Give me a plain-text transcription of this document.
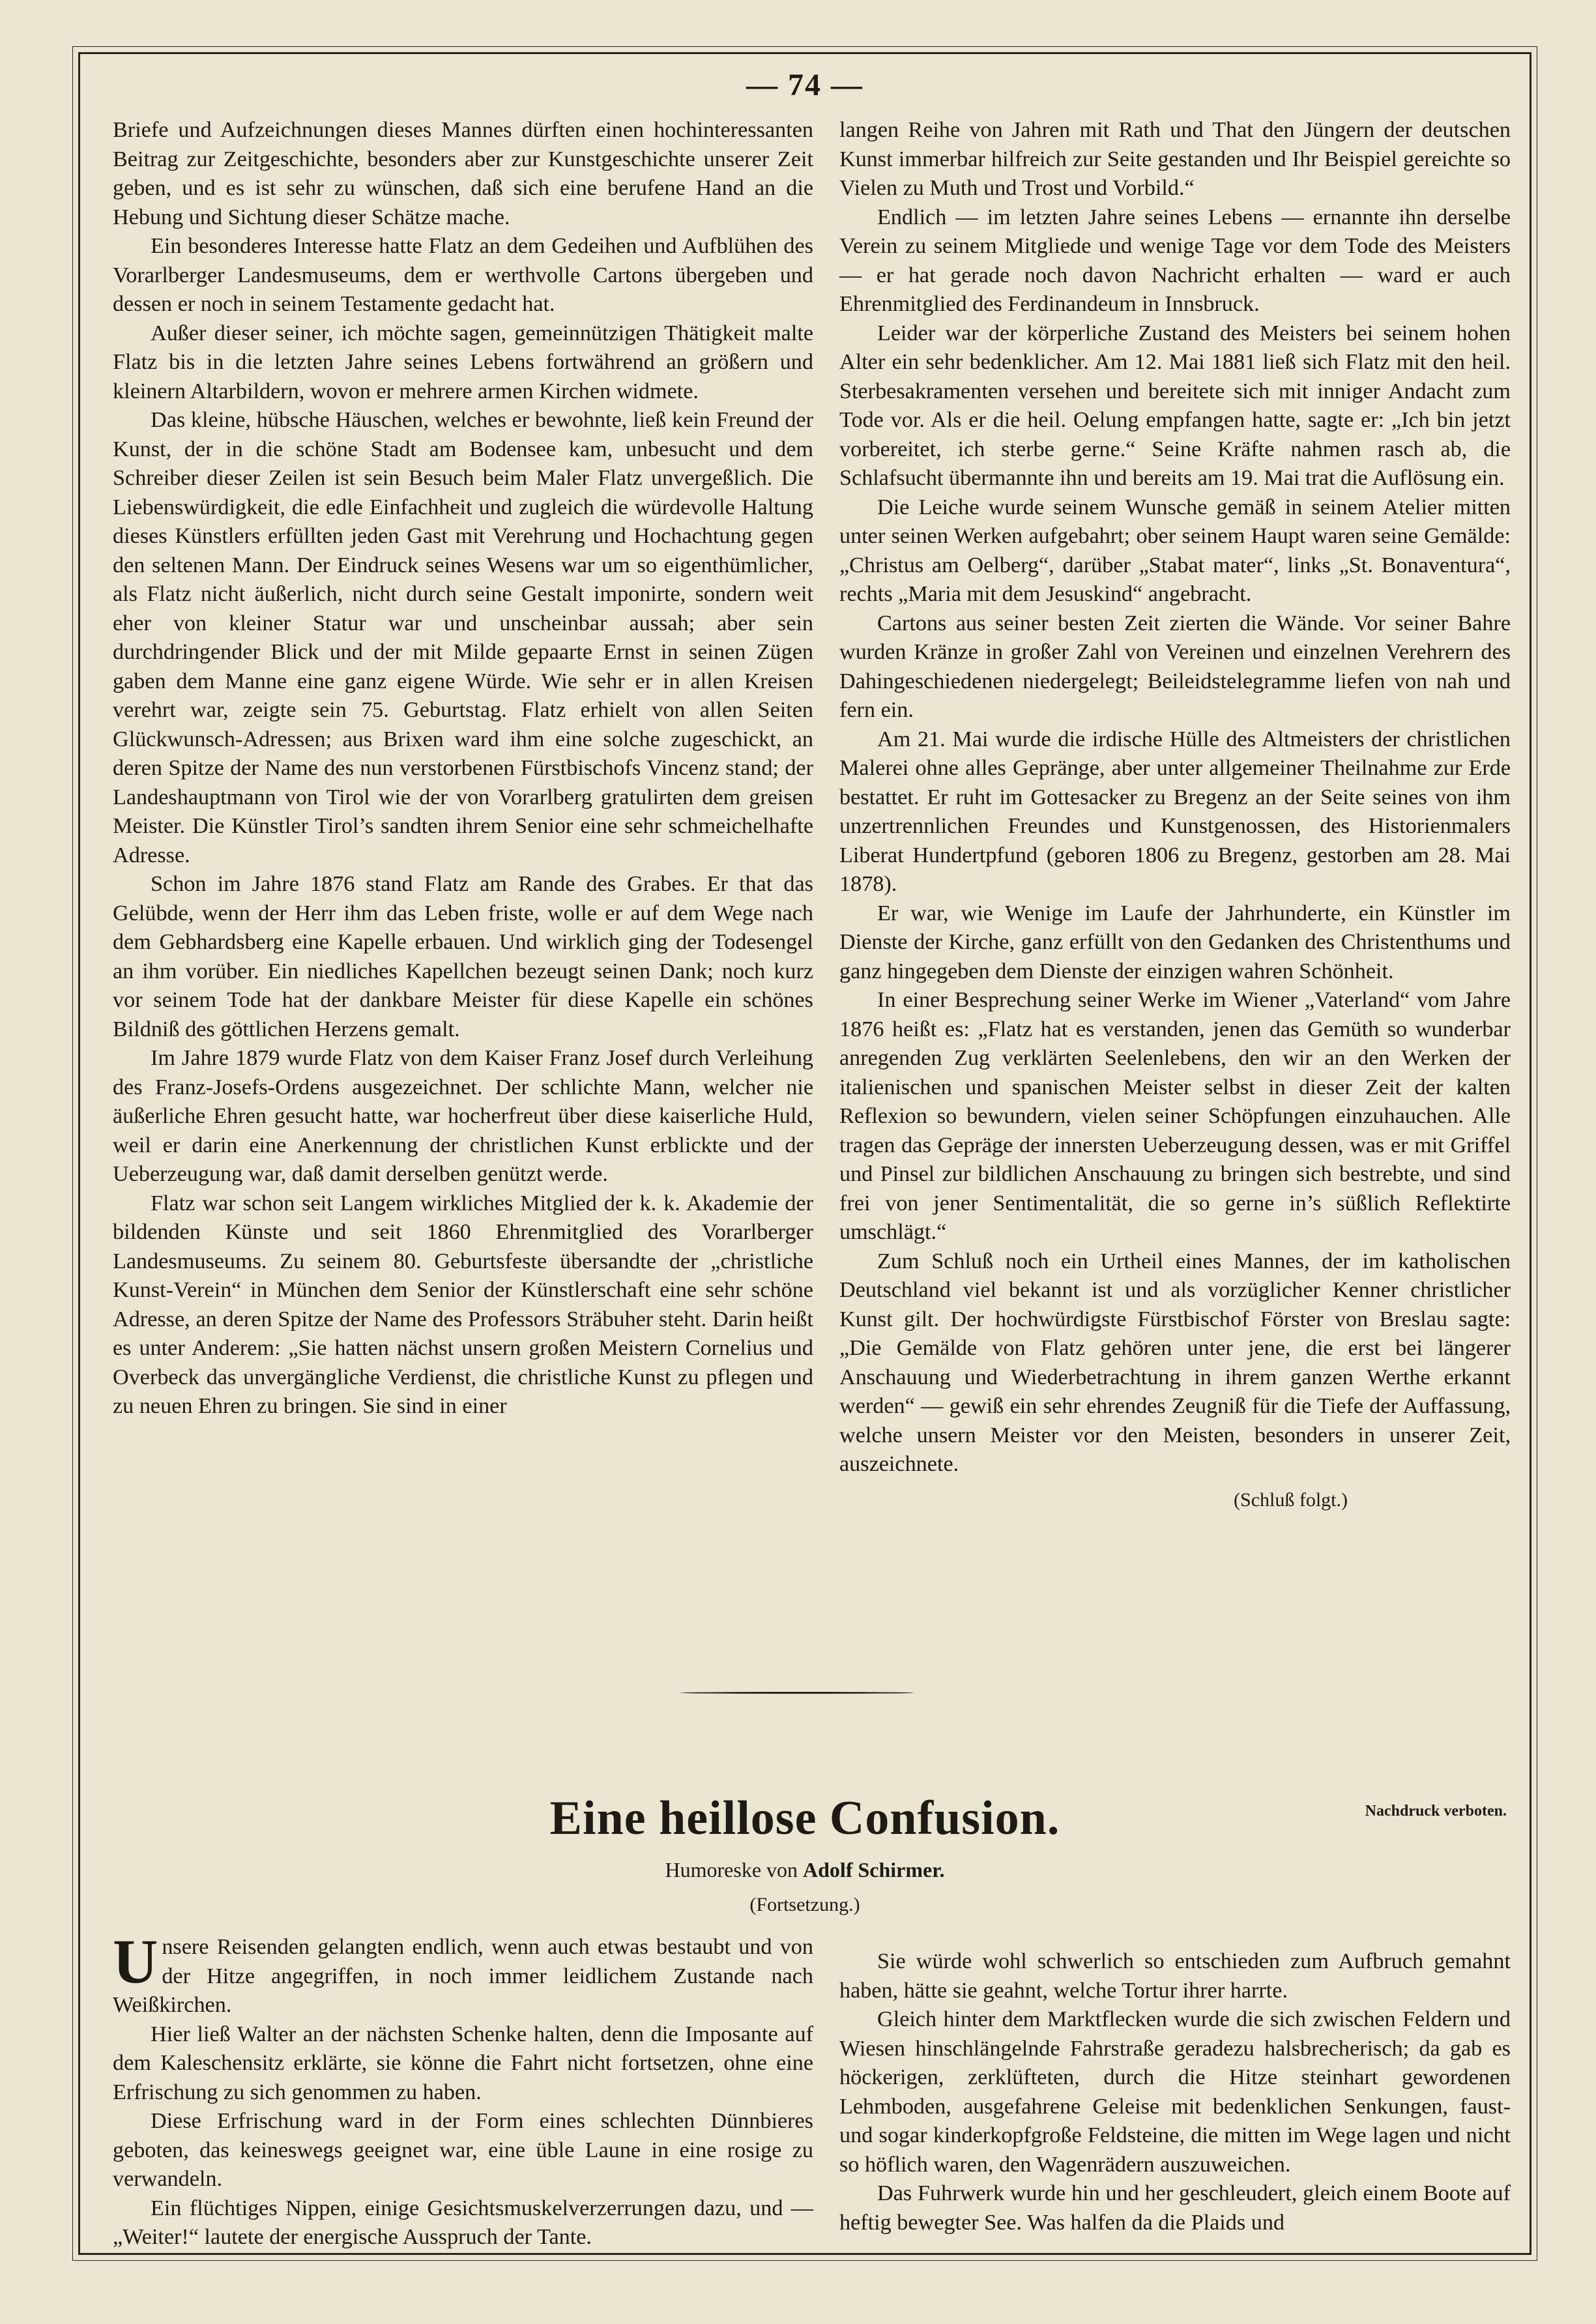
— 74 —

Briefe und Aufzeichnungen dieses Mannes dürften einen hochinteressanten Beitrag zur Zeitgeschichte, besonders aber zur Kunstgeschichte unserer Zeit geben, und es ist sehr zu wünschen, daß sich eine berufene Hand an die Hebung und Sichtung dieser Schätze mache.

Ein besonderes Interesse hatte Flatz an dem Gedeihen und Aufblühen des Vorarlberger Landesmuseums, dem er werthvolle Cartons übergeben und dessen er noch in seinem Testamente gedacht hat.

Außer dieser seiner, ich möchte sagen, gemeinnützigen Thätigkeit malte Flatz bis in die letzten Jahre seines Lebens fortwährend an größern und kleinern Altarbildern, wovon er mehrere armen Kirchen widmete.

Das kleine, hübsche Häuschen, welches er bewohnte, ließ kein Freund der Kunst, der in die schöne Stadt am Bodensee kam, unbesucht und dem Schreiber dieser Zeilen ist sein Besuch beim Maler Flatz unvergeßlich. Die Liebenswürdigkeit, die edle Einfachheit und zugleich die würdevolle Haltung dieses Künstlers erfüllten jeden Gast mit Verehrung und Hochachtung gegen den seltenen Mann. Der Eindruck seines Wesens war um so eigenthümlicher, als Flatz nicht äußerlich, nicht durch seine Gestalt imponirte, sondern weit eher von kleiner Statur war und unscheinbar aussah; aber sein durchdringender Blick und der mit Milde gepaarte Ernst in seinen Zügen gaben dem Manne eine ganz eigene Würde. Wie sehr er in allen Kreisen verehrt war, zeigte sein 75. Geburtstag. Flatz erhielt von allen Seiten Glückwunsch-Adressen; aus Brixen ward ihm eine solche zugeschickt, an deren Spitze der Name des nun verstorbenen Fürstbischofs Vincenz stand; der Landeshauptmann von Tirol wie der von Vorarlberg gratulirten dem greisen Meister. Die Künstler Tirol’s sandten ihrem Senior eine sehr schmeichelhafte Adresse.

Schon im Jahre 1876 stand Flatz am Rande des Grabes. Er that das Gelübde, wenn der Herr ihm das Leben friste, wolle er auf dem Wege nach dem Gebhardsberg eine Kapelle erbauen. Und wirklich ging der Todesengel an ihm vorüber. Ein niedliches Kapellchen bezeugt seinen Dank; noch kurz vor seinem Tode hat der dankbare Meister für diese Kapelle ein schönes Bildniß des göttlichen Herzens gemalt.

Im Jahre 1879 wurde Flatz von dem Kaiser Franz Josef durch Verleihung des Franz-Josefs-Ordens ausgezeichnet. Der schlichte Mann, welcher nie äußerliche Ehren gesucht hatte, war hocherfreut über diese kaiserliche Huld, weil er darin eine Anerkennung der christlichen Kunst erblickte und der Ueberzeugung war, daß damit derselben genützt werde.

Flatz war schon seit Langem wirkliches Mitglied der k. k. Akademie der bildenden Künste und seit 1860 Ehrenmitglied des Vorarlberger Landesmuseums. Zu seinem 80. Geburtsfeste übersandte der „christliche Kunst-Verein“ in München dem Senior der Künstlerschaft eine sehr schöne Adresse, an deren Spitze der Name des Professors Sträbuher steht. Darin heißt es unter Anderem: „Sie hatten nächst unsern großen Meistern Cornelius und Overbeck das unvergängliche Verdienst, die christliche Kunst zu pflegen und zu neuen Ehren zu bringen. Sie sind in einer

langen Reihe von Jahren mit Rath und That den Jüngern der deutschen Kunst immerbar hilfreich zur Seite gestanden und Ihr Beispiel gereichte so Vielen zu Muth und Trost und Vorbild.“

Endlich — im letzten Jahre seines Lebens — ernannte ihn derselbe Verein zu seinem Mitgliede und wenige Tage vor dem Tode des Meisters — er hat gerade noch davon Nachricht erhalten — ward er auch Ehrenmitglied des Ferdinandeum in Innsbruck.

Leider war der körperliche Zustand des Meisters bei seinem hohen Alter ein sehr bedenklicher. Am 12. Mai 1881 ließ sich Flatz mit den heil. Sterbesakramenten versehen und bereitete sich mit inniger Andacht zum Tode vor. Als er die heil. Oelung empfangen hatte, sagte er: „Ich bin jetzt vorbereitet, ich sterbe gerne.“ Seine Kräfte nahmen rasch ab, die Schlafsucht übermannte ihn und bereits am 19. Mai trat die Auflösung ein.

Die Leiche wurde seinem Wunsche gemäß in seinem Atelier mitten unter seinen Werken aufgebahrt; ober seinem Haupt waren seine Gemälde: „Christus am Oelberg“, darüber „Stabat mater“, links „St. Bonaventura“, rechts „Maria mit dem Jesuskind“ angebracht.

Cartons aus seiner besten Zeit zierten die Wände. Vor seiner Bahre wurden Kränze in großer Zahl von Vereinen und einzelnen Verehrern des Dahingeschiedenen niedergelegt; Beileidstelegramme liefen von nah und fern ein.

Am 21. Mai wurde die irdische Hülle des Altmeisters der christlichen Malerei ohne alles Gepränge, aber unter allgemeiner Theilnahme zur Erde bestattet. Er ruht im Gottesacker zu Bregenz an der Seite seines von ihm unzertrennlichen Freundes und Kunstgenossen, des Historienmalers Liberat Hundertpfund (geboren 1806 zu Bregenz, gestorben am 28. Mai 1878).

Er war, wie Wenige im Laufe der Jahrhunderte, ein Künstler im Dienste der Kirche, ganz erfüllt von den Gedanken des Christenthums und ganz hingegeben dem Dienste der einzigen wahren Schönheit.

In einer Besprechung seiner Werke im Wiener „Vaterland“ vom Jahre 1876 heißt es: „Flatz hat es verstanden, jenen das Gemüth so wunderbar anregenden Zug verklärten Seelenlebens, den wir an den Werken der italienischen und spanischen Meister selbst in dieser Zeit der kalten Reflexion so bewundern, vielen seiner Schöpfungen einzuhauchen. Alle tragen das Gepräge der innersten Ueberzeugung dessen, was er mit Griffel und Pinsel zur bildlichen Anschauung zu bringen sich bestrebte, und sind frei von jener Sentimentalität, die so gerne in’s süßlich Reflektirte umschlägt.“

Zum Schluß noch ein Urtheil eines Mannes, der im katholischen Deutschland viel bekannt ist und als vorzüglicher Kenner christlicher Kunst gilt. Der hochwürdigste Fürstbischof Förster von Breslau sagte: „Die Gemälde von Flatz gehören unter jene, die erst bei längerer Anschauung und Wiederbetrachtung in ihrem ganzen Werthe erkannt werden“ — gewiß ein sehr ehrendes Zeugniß für die Tiefe der Auffassung, welche unsern Meister vor den Meisten, besonders in unserer Zeit, auszeichnete.

(Schluß folgt.)

Eine heillose Confusion.	Nachdruck verboten.
Humoreske von Adolf Schirmer.
(Fortsetzung.)

Unsere Reisenden gelangten endlich, wenn auch etwas bestaubt und von der Hitze angegriffen, in noch immer leidlichem Zustande nach Weißkirchen.

Hier ließ Walter an der nächsten Schenke halten, denn die Imposante auf dem Kaleschensitz erklärte, sie könne die Fahrt nicht fortsetzen, ohne eine Erfrischung zu sich genommen zu haben.

Diese Erfrischung ward in der Form eines schlechten Dünnbieres geboten, das keineswegs geeignet war, eine üble Laune in eine rosige zu verwandeln.

Ein flüchtiges Nippen, einige Gesichtsmuskelverzerrungen dazu, und — „Weiter!“ lautete der energische Ausspruch der Tante.

Sie würde wohl schwerlich so entschieden zum Aufbruch gemahnt haben, hätte sie geahnt, welche Tortur ihrer harrte.

Gleich hinter dem Marktflecken wurde die sich zwischen Feldern und Wiesen hinschlängelnde Fahrstraße geradezu halsbrecherisch; da gab es höckerigen, zerklüfteten, durch die Hitze steinhart gewordenen Lehmboden, ausgefahrene Geleise mit bedenklichen Senkungen, faust- und sogar kinderkopfgroße Feldsteine, die mitten im Wege lagen und nicht so höflich waren, den Wagenrädern auszuweichen.

Das Fuhrwerk wurde hin und her geschleudert, gleich einem Boote auf heftig bewegter See. Was halfen da die Plaids und
